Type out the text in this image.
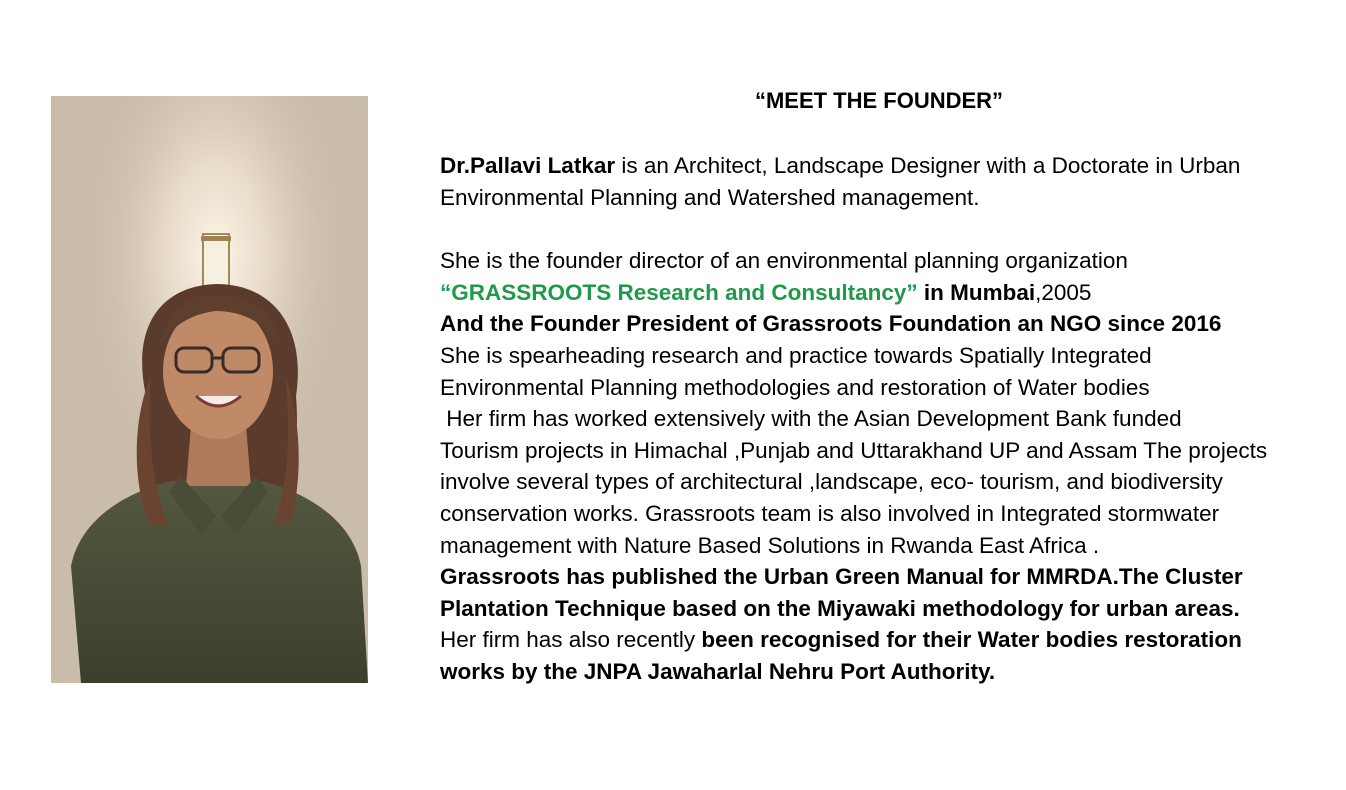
“MEET THE FOUNDER”
Dr.Pallavi Latkar is an Architect, Landscape Designer with a Doctorate in Urban
Environmental Planning and Watershed management.
She is the founder director of an environmental planning organization
“GRASSROOTS Research and Consultancy” in Mumbai,2005
And the Founder President of Grassroots Foundation an NGO since 2016
She is spearheading research and practice towards Spatially Integrated
Environmental Planning methodologies and restoration of Water bodies
Her firm has worked extensively with the Asian Development Bank funded
Tourism projects in Himachal ,Punjab and Uttarakhand UP and Assam The projects
involve several types of architectural ,landscape, eco- tourism, and biodiversity
conservation works. Grassroots team is also involved in Integrated stormwater
management with Nature Based Solutions in Rwanda East Africa .
Grassroots has published the Urban Green Manual for MMRDA.The Cluster
Plantation Technique based on the Miyawaki methodology for urban areas.
Her firm has also recently been recognised for their Water bodies restoration
works by the JNPA Jawaharlal Nehru Port Authority.
